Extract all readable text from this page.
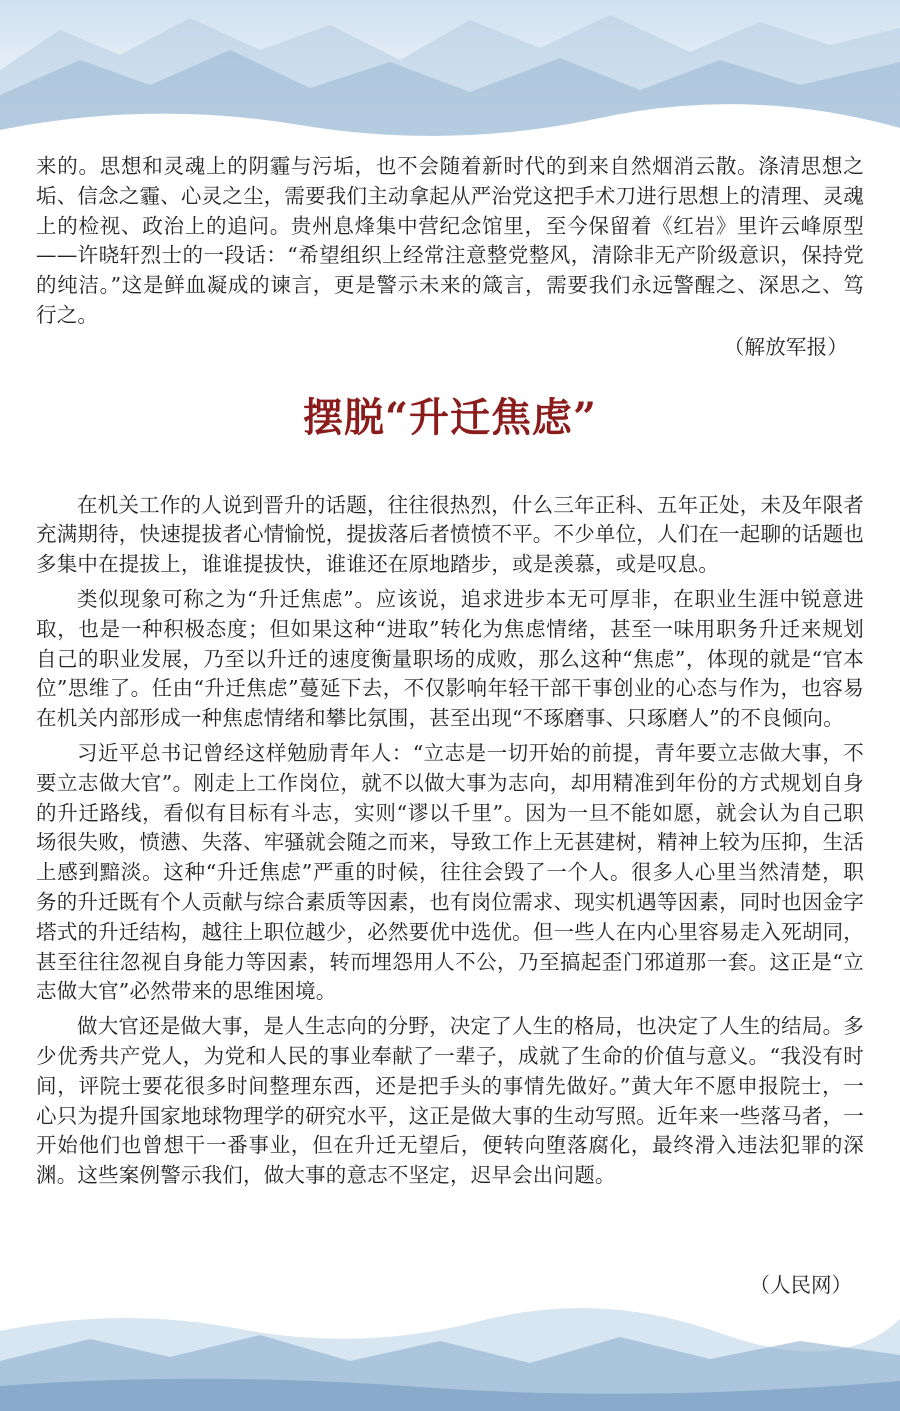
来的。思想和灵魂上的阴霾与污垢，也不会随着新时代的到来自然烟消云散。涤清思想之垢、信念之霾、心灵之尘，需要我们主动拿起从严治党这把手术刀进行思想上的清理、灵魂上的检视、政治上的追问。贵州息烽集中营纪念馆里，至今保留着《红岩》里许云峰原型——许晓轩烈士的一段话：“希望组织上经常注意整党整风，清除非无产阶级意识，保持党的纯洁。”这是鲜血凝成的谏言，更是警示未来的箴言，需要我们永远警醒之、深思之、笃行之。

（解放军报）
摆脱“升迁焦虑”

在机关工作的人说到晋升的话题，往往很热烈，什么三年正科、五年正处，未及年限者充满期待，快速提拔者心情愉悦，提拔落后者愤愤不平。不少单位，人们在一起聊的话题也多集中在提拔上，谁谁提拔快，谁谁还在原地踏步，或是羡慕，或是叹息。

类似现象可称之为“升迁焦虑”。应该说，追求进步本无可厚非，在职业生涯中锐意进取，也是一种积极态度；但如果这种“进取”转化为焦虑情绪，甚至一味用职务升迁来规划自己的职业发展，乃至以升迁的速度衡量职场的成败，那么这种“焦虑”，体现的就是“官本位”思维了。任由“升迁焦虑”蔓延下去，不仅影响年轻干部干事创业的心态与作为，也容易在机关内部形成一种焦虑情绪和攀比氛围，甚至出现“不琢磨事、只琢磨人”的不良倾向。

习近平总书记曾经这样勉励青年人：“立志是一切开始的前提，青年要立志做大事，不要立志做大官”。刚走上工作岗位，就不以做大事为志向，却用精准到年份的方式规划自身的升迁路线，看似有目标有斗志，实则“谬以千里”。因为一旦不能如愿，就会认为自己职场很失败，愤懑、失落、牢骚就会随之而来，导致工作上无甚建树，精神上较为压抑，生活上感到黯淡。这种“升迁焦虑”严重的时候，往往会毁了一个人。很多人心里当然清楚，职务的升迁既有个人贡献与综合素质等因素，也有岗位需求、现实机遇等因素，同时也因金字塔式的升迁结构，越往上职位越少，必然要优中选优。但一些人在内心里容易走入死胡同，甚至往往忽视自身能力等因素，转而埋怨用人不公，乃至搞起歪门邪道那一套。这正是“立志做大官”必然带来的思维困境。

做大官还是做大事，是人生志向的分野，决定了人生的格局，也决定了人生的结局。多少优秀共产党人，为党和人民的事业奉献了一辈子，成就了生命的价值与意义。“我没有时间，评院士要花很多时间整理东西，还是把手头的事情先做好。”黄大年不愿申报院士，一心只为提升国家地球物理学的研究水平，这正是做大事的生动写照。近年来一些落马者，一开始他们也曾想干一番事业，但在升迁无望后，便转向堕落腐化，最终滑入违法犯罪的深渊。这些案例警示我们，做大事的意志不坚定，迟早会出问题。

（人民网）
